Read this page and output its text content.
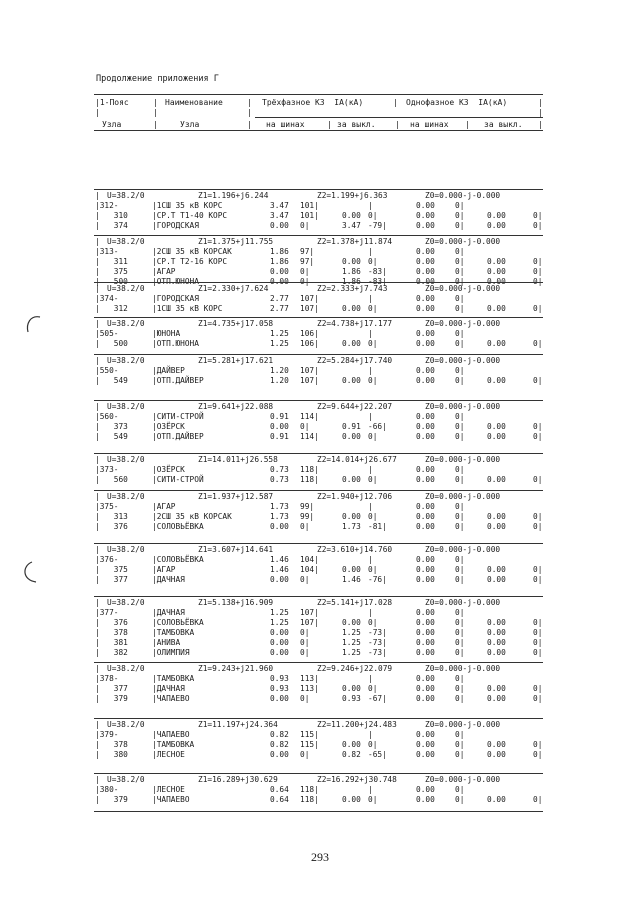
Продолжение приложения Г
|1-Пояс	| Наименование	| Трёхфазное КЗ  IA(кА)	| Однофазное КЗ  IA(кА)	|
|	|	|	|
Узла	|	Узла	| на шинах	| за выкл. | на шинах | за выкл. |
| U=38.2/0	Z1=1.196+j6.244	Z2=1.199+j6.363	Z0=0.000-j-0.000
|312-	|1СШ 35 кВ КОРС	3.47 101|	|	0.00	0|
|   310	|СР.Т Т1-40 КОРС	3.47 101|	0.00 0|	0.00	0|	0.00	0|
|   374	|ГОРОДСКАЯ	0.00 0|	3.47 -79|	0.00	0|	0.00	0|
| U=38.2/0	Z1=1.375+j11.755	Z2=1.378+j11.874	Z0=0.000-j-0.000
|313-	|2СШ 35 кВ КОРСАК	1.86 97|	|	0.00	0|
|   311	|СР.Т Т2-16 КОРС	1.86 97|	0.00 0|	0.00	0|	0.00	0|
|   375	|АГАР	0.00 0|	1.86 -83|	0.00	0|	0.00	0|
|   500	|ОТП.ЮНОНА	0.00 0|	1.86 -83|	0.00	0|	0.00	0|
| U=38.2/0	Z1=2.330+j7.624	Z2=2.333+j7.743	Z0=0.000-j-0.000
|374-	|ГОРОДСКАЯ	2.77 107|	|	0.00	0|
|   312	|1СШ 35 кВ КОРС	2.77 107|	0.00 0|	0.00	0|	0.00	0|
| U=38.2/0	Z1=4.735+j17.058	Z2=4.738+j17.177	Z0=0.000-j-0.000
|505-	|ЮНОНА	1.25 106|	|	0.00	0|
|   500	|ОТП.ЮНОНА	1.25 106|	0.00 0|	0.00	0|	0.00	0|
| U=38.2/0	Z1=5.281+j17.621	Z2=5.284+j17.740	Z0=0.000-j-0.000
|550-	|ДАЙВЕР	1.20 107|	|	0.00	0|
|   549	|ОТП.ДАЙВЕР	1.20 107|	0.00 0|	0.00	0|	0.00	0|
| U=38.2/0	Z1=9.641+j22.088	Z2=9.644+j22.207	Z0=0.000-j-0.000
|560-	|СИТИ-СТРОЙ	0.91 114|	|	0.00	0|
|   373	|ОЗЁРСК	0.00 0|	0.91 -66|	0.00	0|	0.00	0|
|   549	|ОТП.ДАЙВЕР	0.91 114|	0.00 0|	0.00	0|	0.00	0|
| U=38.2/0	Z1=14.011+j26.558	Z2=14.014+j26.677	Z0=0.000-j-0.000
|373-	|ОЗЁРСК	0.73 118|	|	0.00	0|
|   560	|СИТИ-СТРОЙ	0.73 118|	0.00 0|	0.00	0|	0.00	0|
| U=38.2/0	Z1=1.937+j12.587	Z2=1.940+j12.706	Z0=0.000-j-0.000
|375-	|АГАР	1.73 99|	|	0.00	0|
|   313	|2СШ 35 кВ КОРСАК	1.73 99|	0.00 0|	0.00	0|	0.00	0|
|   376	|СОЛОВЬЁВКА	0.00 0|	1.73 -81|	0.00	0|	0.00	0|
| U=38.2/0	Z1=3.607+j14.641	Z2=3.610+j14.760	Z0=0.000-j-0.000
|376-	|СОЛОВЬЁВКА	1.46 104|	|	0.00	0|
|   375	|АГАР	1.46 104|	0.00 0|	0.00	0|	0.00	0|
|   377	|ДАЧНАЯ	0.00 0|	1.46 -76|	0.00	0|	0.00	0|
| U=38.2/0	Z1=5.138+j16.909	Z2=5.141+j17.028	Z0=0.000-j-0.000
|377-	|ДАЧНАЯ	1.25 107|	|	0.00	0|
|   376	|СОЛОВЬЁВКА	1.25 107|	0.00 0|	0.00	0|	0.00	0|
|   378	|ТАМБОВКА	0.00 0|	1.25 -73|	0.00	0|	0.00	0|
|   381	|АНИВА	0.00 0|	1.25 -73|	0.00	0|	0.00	0|
|   382	|ОЛИМПИЯ	0.00 0|	1.25 -73|	0.00	0|	0.00	0|
| U=38.2/0	Z1=9.243+j21.960	Z2=9.246+j22.079	Z0=0.000-j-0.000
|378-	|ТАМБОВКА	0.93 113|	|	0.00	0|
|   377	|ДАЧНАЯ	0.93 113|	0.00 0|	0.00	0|	0.00	0|
|   379	|ЧАПАЕВО	0.00 0|	0.93 -67|	0.00	0|	0.00	0|
| U=38.2/0	Z1=11.197+j24.364	Z2=11.200+j24.483	Z0=0.000-j-0.000
|379-	|ЧАПАЕВО	0.82 115|	|	0.00	0|
|   378	|ТАМБОВКА	0.82 115|	0.00 0|	0.00	0|	0.00	0|
|   380	|ЛЕСНОЕ	0.00 0|	0.82 -65|	0.00	0|	0.00	0|
| U=38.2/0	Z1=16.289+j30.629	Z2=16.292+j30.748	Z0=0.000-j-0.000
|380-	|ЛЕСНОЕ	0.64 118|	|	0.00	0|
|   379	|ЧАПАЕВО	0.64 118|	0.00 0|	0.00	0|	0.00	0|
293
